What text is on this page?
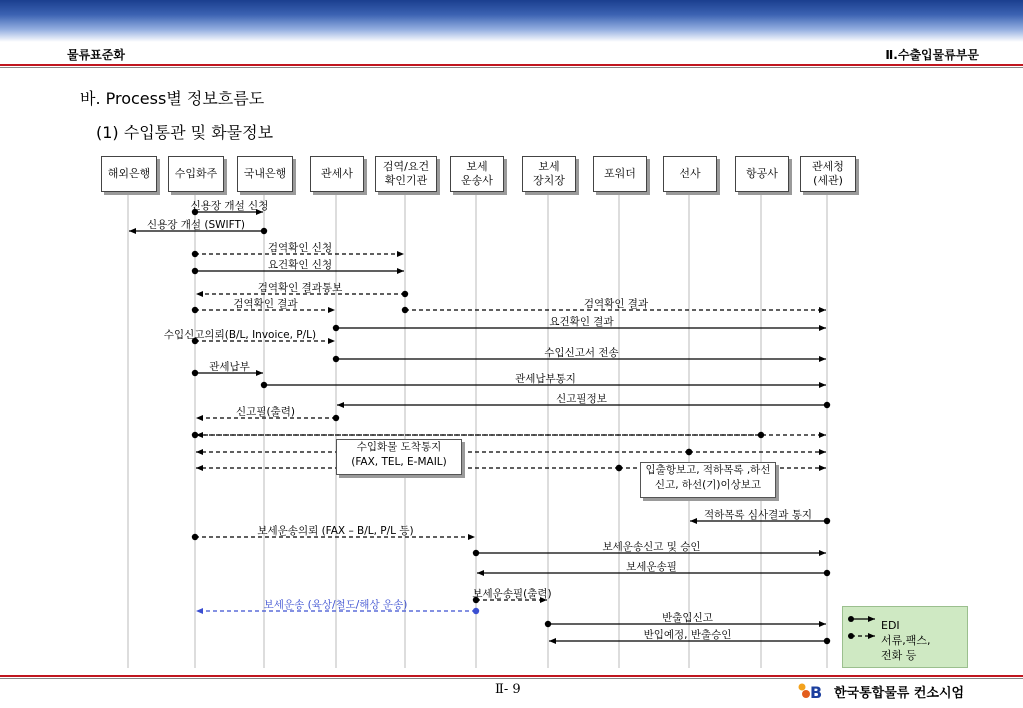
물류표준화	Ⅱ.수출입물류부문
바. Process별 정보흐름도
(1) 수입통관 및 화물정보
신용장 개설 신청
신용장 개설 (SWIFT)
검역확인 신청
요건확인 신청
검역확인 결과통보
검역확인 결과	검역확인 결과
요건확인 결과
수입신고의뢰(B/L, Invoice, P/L)
수입신고서 전송
관세납부
관세납부통지
신고필정보
신고필(출력)
적하목록 심사결과 통지
보세운송의뢰 (FAX – B/L, P/L 등)
보세운송신고 및 승인
보세운송필
보세운송필(출력)
보세운송 (육상/철도/해상 운송)
반출입신고
반입예정, 반출승인
해외은행	수입화주	국내은행	관세사
검역/요건
확인기관
보세
운송사
보세
장치장
포워더	선사	항공사
관세청
(세관)
수입화물 도착통지
(FAX, TEL, E-MAIL)
입출항보고, 적하목록 ,하선
신고, 하선(기)이상보고
EDI
서류,팩스,
전화 등
Ⅱ- 9	B 한국통합물류 컨소시엄
